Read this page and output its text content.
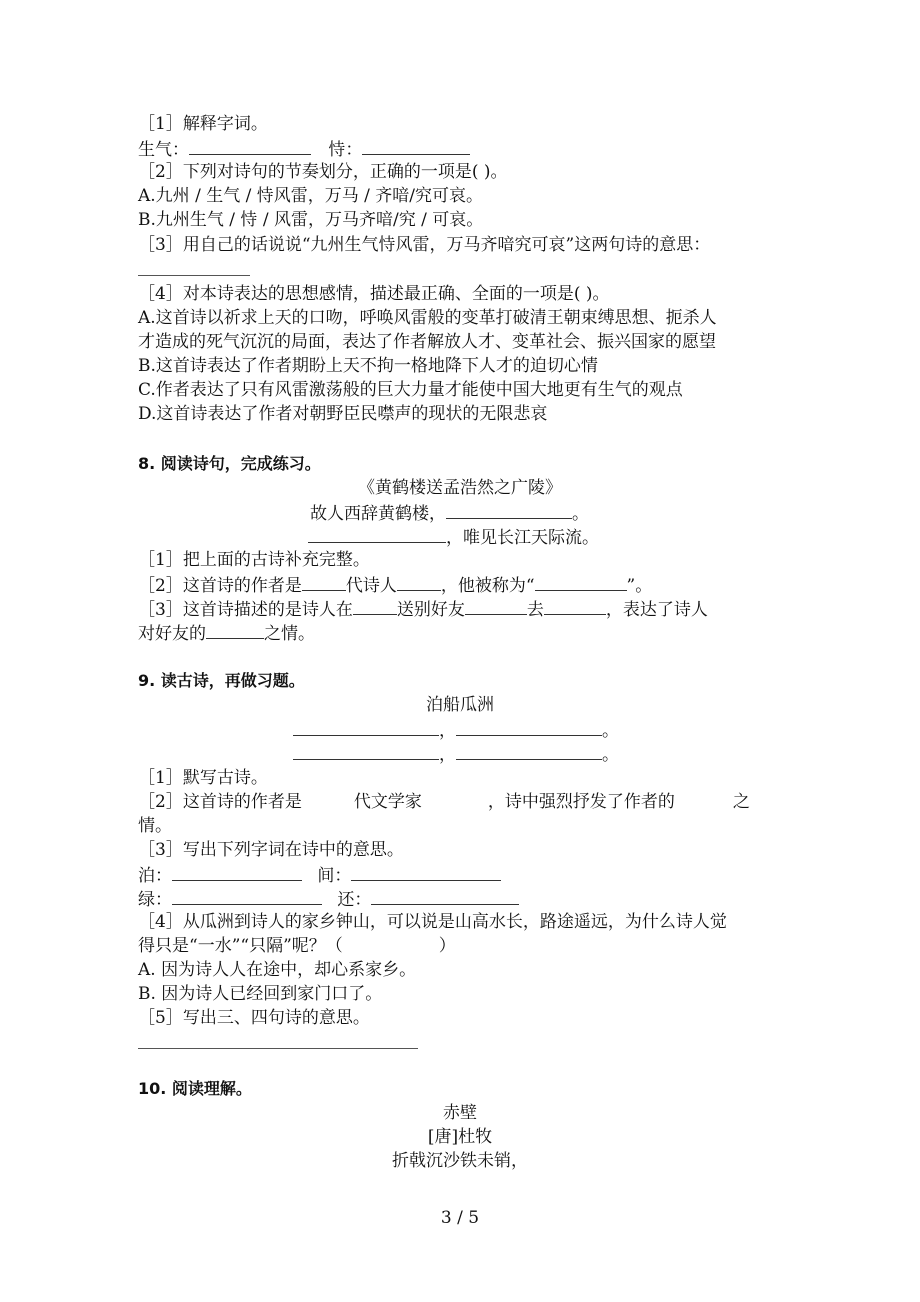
［1］解释字词。
生气：	恃：
［2］下列对诗句的节奏划分，正确的一项是( )。
A.九州 / 生气 / 恃风雷，万马 / 齐喑/究可哀。
B.九州生气 / 恃 / 风雷，万马齐喑/究 / 可哀。
［3］用自己的话说说“九州生气恃风雷，万马齐喑究可哀”这两句诗的意思：
［4］对本诗表达的思想感情，描述最正确、全面的一项是( )。
A.这首诗以祈求上天的口吻，呼唤风雷般的变革打破清王朝束缚思想、扼杀人
才造成的死气沉沉的局面，表达了作者解放人才、变革社会、振兴国家的愿望
B.这首诗表达了作者期盼上天不拘一格地降下人才的迫切心情
C.作者表达了只有风雷激荡般的巨大力量才能使中国大地更有生气的观点
D.这首诗表达了作者对朝野臣民噤声的现状的无限悲哀
8. 阅读诗句，完成练习。
《黄鹤楼送孟浩然之广陵》
故人西辞黄鹤楼，	。
，唯见长江天际流。
［1］把上面的古诗补充完整。
［2］这首诗的作者是	代诗人	，他被称为“	”。
［3］这首诗描述的是诗人在	送别好友	去	，表达了诗人
对好友的	之情。
9. 读古诗，再做习题。
泊船瓜洲
，	。
，	。
［1］默写古诗。
［2］这首诗的作者是	代文学家	，诗中强烈抒发了作者的	之
情。
［3］写出下列字词在诗中的意思。
泊：	间：
绿：	还：
［4］从瓜洲到诗人的家乡钟山，可以说是山高水长，路途遥远，为什么诗人觉
得只是“一水”“只隔”呢？（	）
A. 因为诗人人在途中，却心系家乡。
B. 因为诗人已经回到家门口了。
［5］写出三、四句诗的意思。
10. 阅读理解。
赤壁
[唐]杜牧
折戟沉沙铁未销，
3 / 5
